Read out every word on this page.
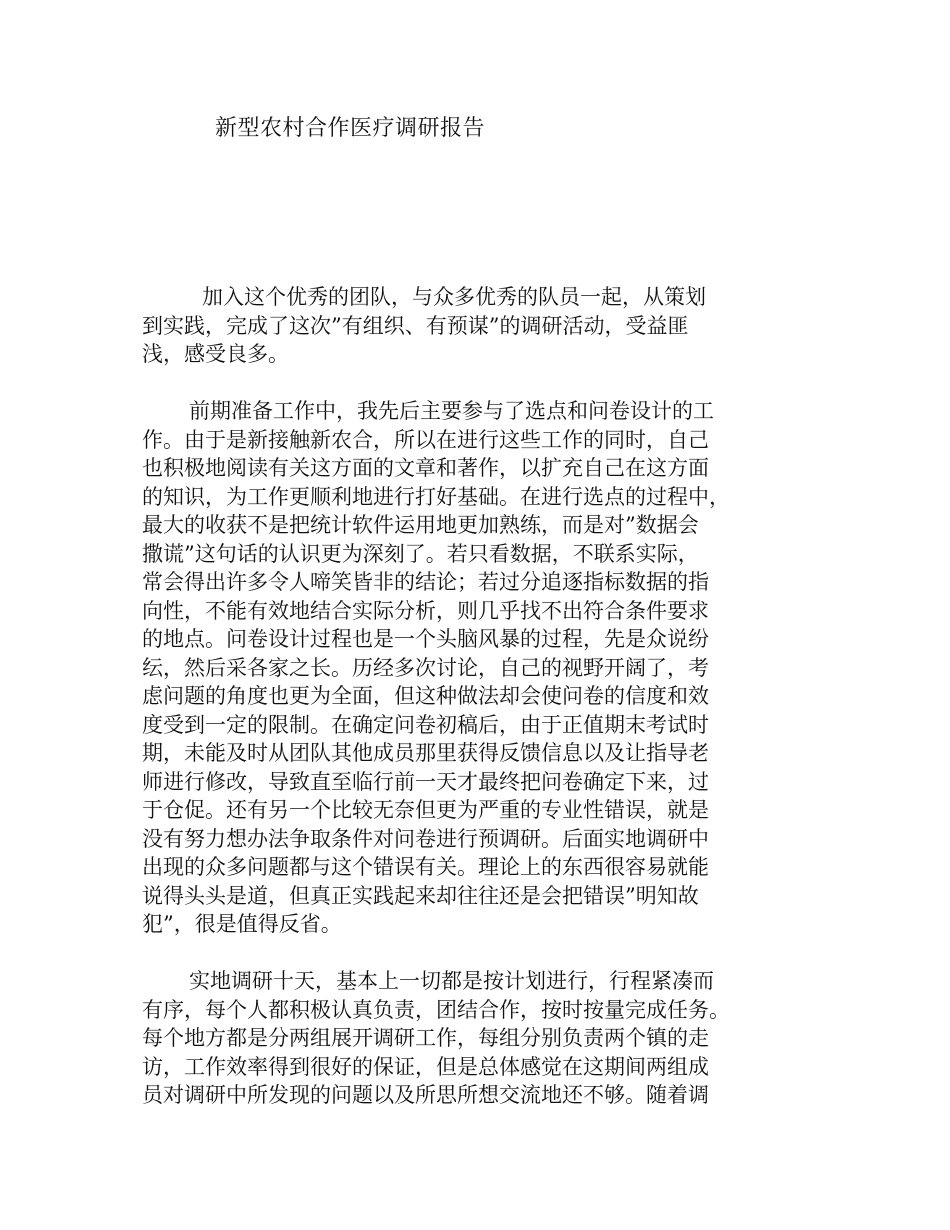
新型农村合作医疗调研报告

加入这个优秀的团队，与众多优秀的队员一起，从策划
到实践，完成了这次”有组织、有预谋”的调研活动，受益匪
浅，感受良多。

前期准备工作中，我先后主要参与了选点和问卷设计的工
作。由于是新接触新农合，所以在进行这些工作的同时，自己
也积极地阅读有关这方面的文章和著作，以扩充自己在这方面
的知识，为工作更顺利地进行打好基础。在进行选点的过程中，
最大的收获不是把统计软件运用地更加熟练，而是对”数据会
撒谎”这句话的认识更为深刻了。若只看数据，不联系实际，
常会得出许多令人啼笑皆非的结论；若过分追逐指标数据的指
向性，不能有效地结合实际分析，则几乎找不出符合条件要求
的地点。问卷设计过程也是一个头脑风暴的过程，先是众说纷
纭，然后采各家之长。历经多次讨论，自己的视野开阔了，考
虑问题的角度也更为全面，但这种做法却会使问卷的信度和效
度受到一定的限制。在确定问卷初稿后，由于正值期末考试时
期，未能及时从团队其他成员那里获得反馈信息以及让指导老
师进行修改，导致直至临行前一天才最终把问卷确定下来，过
于仓促。还有另一个比较无奈但更为严重的专业性错误，就是
没有努力想办法争取条件对问卷进行预调研。后面实地调研中
出现的众多问题都与这个错误有关。理论上的东西很容易就能
说得头头是道，但真正实践起来却往往还是会把错误”明知故
犯”，很是值得反省。

实地调研十天，基本上一切都是按计划进行，行程紧凑而
有序，每个人都积极认真负责，团结合作，按时按量完成任务。
每个地方都是分两组展开调研工作，每组分别负责两个镇的走
访，工作效率得到很好的保证，但是总体感觉在这期间两组成
员对调研中所发现的问题以及所思所想交流地还不够。随着调
